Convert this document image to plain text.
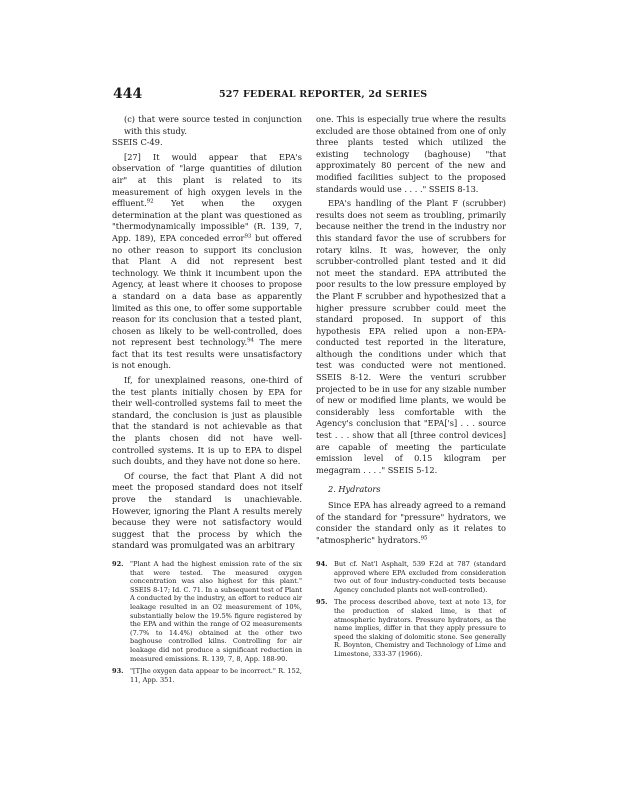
444	527 FEDERAL REPORTER, 2d SERIES

(c) that were source tested in conjunction with this study.

SSEIS C-49.

[27] It would appear that EPA's observation of "large quantities of dilution air" at this plant is related to its measurement of high oxygen levels in the effluent.$^{92}$ Yet when the oxygen determination at the plant was questioned as "thermodynamically impossible" (R. 139, 7, App. 189), EPA conceded error$^{93}$ but offered no other reason to support its conclusion that Plant A did not represent best technology. We think it incumbent upon the Agency, at least where it chooses to propose a standard on a data base as apparently limited as this one, to offer some supportable reason for its conclusion that a tested plant, chosen as likely to be well-controlled, does not represent best technology.$^{94}$ The mere fact that its test results were unsatisfactory is not enough.

If, for unexplained reasons, one-third of the test plants initially chosen by EPA for their well-controlled systems fail to meet the standard, the conclusion is just as plausible that the standard is not achievable as that the plants chosen did not have well-controlled systems. It is up to EPA to dispel such doubts, and they have not done so here.

Of course, the fact that Plant A did not meet the proposed standard does not itself prove the standard is unachievable. However, ignoring the Plant A results merely because they were not satisfactory would suggest that the process by which the standard was promulgated was an arbitrary

one. This is especially true where the results excluded are those obtained from one of only three plants tested which utilized the existing technology (baghouse) "that approximately 80 percent of the new and modified facilities subject to the proposed standards would use . . . ." SSEIS 8-13.

EPA's handling of the Plant F (scrubber) results does not seem as troubling, primarily because neither the trend in the industry nor this standard favor the use of scrubbers for rotary kilns. It was, however, the only scrubber-controlled plant tested and it did not meet the standard. EPA attributed the poor results to the low pressure employed by the Plant F scrubber and hypothesized that a higher pressure scrubber could meet the standard proposed. In support of this hypothesis EPA relied upon a non-EPA-conducted test reported in the literature, although the conditions under which that test was conducted were not mentioned. SSEIS 8-12. Were the venturi scrubber projected to be in use for any sizable number of new or modified lime plants, we would be considerably less comfortable with the Agency's conclusion that "EPA['s] . . . source test . . . show that all [three control devices] are capable of meeting the particulate emission level of 0.15 kilogram per megagram . . . ." SSEIS 5-12.

2. Hydrators

Since EPA has already agreed to a remand of the standard for "pressure" hydrators, we consider the standard only as it relates to "atmospheric" hydrators.$^{95}$

92. "Plant A had the highest emission rate of the six that were tested. The measured oxygen concentration was also highest for this plant." SSEIS 8-17; Id. C. 71. In a subsequent test of Plant A conducted by the industry, an effort to reduce air leakage resulted in an O2 measurement of 10%, substantially below the 19.5% figure registered by the EPA and within the range of O2 measurements (7.7% to 14.4%) obtained at the other two baghouse controlled kilns. Controlling for air leakage did not produce a significant reduction in measured emissions. R. 139, 7, 8, App. 188-90.
93. "[T]he oxygen data appear to be incorrect." R. 152, 11, App. 351.
94. But cf. Nat'l Asphalt, 539 F.2d at 787 (standard approved where EPA excluded from consideration two out of four industry-conducted tests because Agency concluded plants not well-controlled).
95. The process described above, text at note 13, for the production of slaked lime, is that of atmospheric hydrators. Pressure hydrators, as the name implies, differ in that they apply pressure to speed the slaking of dolomitic stone. See generally R. Boynton, Chemistry and Technology of Lime and Limestone, 333-37 (1966).
